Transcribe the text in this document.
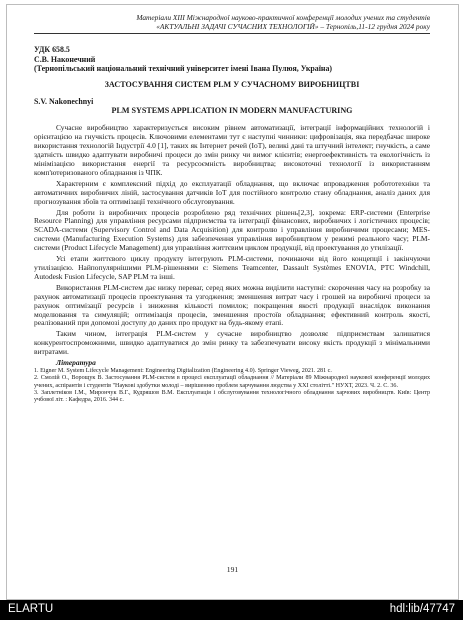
Матеріали XIII Міжнародної науково-практичної конференції молодих учених та студентів
«АКТУАЛЬНІ ЗАДАЧІ СУЧАСНИХ ТЕХНОЛОГІЙ» – Тернопіль,11-12 грудня 2024 року
УДК 658.5
С.В. Наконечний
(Тернопільський національний технічний університет імені Івана Пулюя, Україна)
ЗАСТОСУВАННЯ СИСТЕМ PLM У СУЧАСНОМУ ВИРОБНИЦТВІ
S.V. Nakonechnyi
PLM SYSTEMS APPLICATION IN MODERN MANUFACTURING

Сучасне виробництво характеризується високим рівнем автоматизації, інтеграції інформаційних технологій і орієнтацією на гнучкість процесів. Ключовими елементами тут є наступні чинники: цифровізація, яка передбачає широке використання технологій Індустрії 4.0 [1], таких як Інтернет речей (IoT), великі дані та штучний інтелект; гнучкість, а саме здатність швидко адаптувати виробничі процеси до змін ринку чи вимог клієнтів; енергоефективність та екологічність із мінімізацією використання енергії та ресурсоємність виробництва; високоточні технології із використанням комп'ютеризованого обладнання із ЧПК.

Характерним є комплексний підхід до експлуатації обладнання, що включає впровадження робототехніки та автоматичних виробничих ліній, застосування датчиків IoT для постійного контролю стану обладнання, аналіз даних для прогнозування збоїв та оптимізації технічного обслуговування.

Для роботи із виробничих процесів розроблено ряд технічних рішень[2,3], зокрема: ERP-системи (Enterprise Resource Planning) для управління ресурсами підприємства та інтеграції фінансових, виробничих і логістичних процесів; SCADA-системи (Supervisory Control and Data Acquisition) для контролю і управління виробничими процесами; MES-системи (Manufacturing Execution Systems) для забезпечення управління виробництвом у режимі реального часу; PLM-системи (Product Lifecycle Management) для управління життєвим циклом продукції, від проектування до утилізації.

Усі етапи життєвого циклу продукту інтегрують PLM-системи, починаючи від його концепції і закінчуючи утилізацією. Найпопулярнішими PLM-рішеннями є: Siemens Teamcenter, Dassault Systèmes ENOVIA, PTC Windchill, Autodesk Fusion Lifecycle, SAP PLM та інші.

Використання PLM-систем дає низку переваг, серед яких можна виділити наступні: скорочення часу на розробку за рахунок автоматизації процесів проектування та узгодження; зменшення витрат часу і грошей на виробничі процеси за рахунок оптимізації ресурсів і зниження кількості помилок; покращення якості продукції внаслідок виконання моделювання та симуляцій; оптимізація процесів, зменшення простоїв обладнання; ефективний контроль якості, реалізований при допомозі доступу до даних про продукт на будь-якому етапі.

Таким чином, інтеграція PLM-систем у сучасне виробництво дозволяє підприємствам залишатися конкурентоспроможними, швидко адаптуватися до змін ринку та забезпечувати високу якість продукції з мінімальними витратами.

Література
1. Eigner M. System Lifecycle Management: Engineering Digitalization (Engineering 4.0). Springer Vieweg, 2021. 281 с.
2. Смолій О., Ворощук В. Застосування PLM-систем в процесі експлуатації обладнання // Матеріали 89 Міжнародної наукової конференції молодих учених, аспірантів і студентів "Наукові здобутки молоді – вирішенню проблем харчування людства у ХХІ столітті." НУХТ, 2023. Ч. 2. С. 36.
3. Заплетніков І.М., Мирончук В.Г., Кудряшов В.М. Експлуатація і обслуговування технологічного обладнання харчових виробництв. Київ: Центр учбової літ. : Кафедра, 2016. 344 с.
191
ELARTU	hdl:lib/47747
